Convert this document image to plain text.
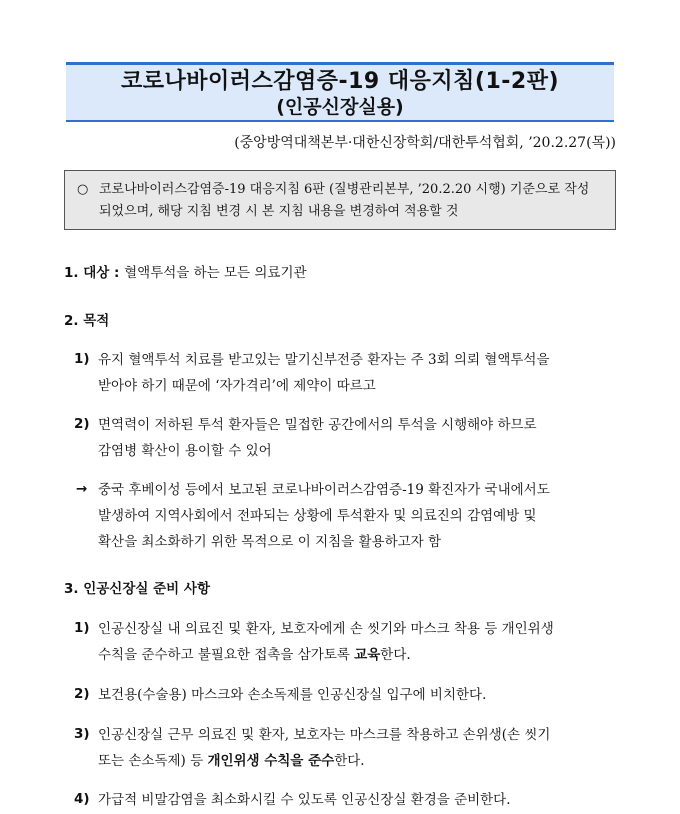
코로나바이러스감염증-19 대응지침(1-2판)
(인공신장실용)
(중앙방역대책본부·대한신장학회/대한투석협회, ’20.2.27(목))
○ 코로나바이러스감염증-19 대응지침 6판 (질병관리본부, ’20.2.20 시행) 기준으로 작성
되었으며, 해당 지침 변경 시 본 지침 내용을 변경하여 적용할 것
1. 대상 : 혈액투석을 하는 모든 의료기관
2. 목적
1) 유지 혈액투석 치료를 받고있는 말기신부전증 환자는 주 3회 의뢰 혈액투석을
받아야 하기 때문에 ‘자가격리’에 제약이 따르고
2) 면역력이 저하된 투석 환자들은 밀접한 공간에서의 투석을 시행해야 하므로
감염병 확산이 용이할 수 있어
→ 중국 후베이성 등에서 보고된 코로나바이러스감염증-19 확진자가 국내에서도
발생하여 지역사회에서 전파되는 상황에 투석환자 및 의료진의 감염예방 및
확산을 최소화하기 위한 목적으로 이 지침을 활용하고자 함
3. 인공신장실 준비 사항
1) 인공신장실 내 의료진 및 환자, 보호자에게 손 씻기와 마스크 착용 등 개인위생
수칙을 준수하고 불필요한 접촉을 삼가토록 교육한다.
2) 보건용(수술용) 마스크와 손소독제를 인공신장실 입구에 비치한다.
3) 인공신장실 근무 의료진 및 환자, 보호자는 마스크를 착용하고 손위생(손 씻기
또는 손소독제) 등 개인위생 수칙을 준수한다.
4) 가급적 비말감염을 최소화시킬 수 있도록 인공신장실 환경을 준비한다.
